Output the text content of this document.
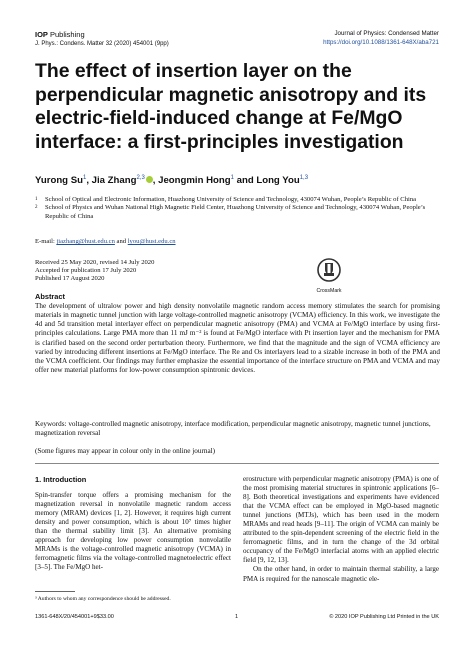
IOP Publishing
J. Phys.: Condens. Matter 32 (2020) 454001 (9pp)
Journal of Physics: Condensed Matter
https://doi.org/10.1088/1361-648X/aba721
The effect of insertion layer on the perpendicular magnetic anisotropy and its electric-field-induced change at Fe/MgO interface: a first-principles investigation
Yurong Su$^1$, Jia Zhang$^{2,3}$ , Jeongmin Hong$^1$ and Long You$^{1,3}$
1	School of Optical and Electronic Information, Huazhong University of Science and Technology, 430074 Wuhan, People’s Republic of China
2	School of Physics and Wuhan National High Magnetic Field Center, Huazhong University of Science and Technology, 430074 Wuhan, People’s Republic of China
E-mail: jiazhang@hust.edu.cn and lyou@hust.edu.cn
Received 25 May 2020, revised 14 July 2020
Accepted for publication 17 July 2020
Published 17 August 2020
CrossMark
Abstract
The development of ultralow power and high density nonvolatile magnetic random access memory stimulates the search for promising materials in magnetic tunnel junction with large voltage-controlled magnetic anisotropy (VCMA) efficiency. In this work, we investigate the 4d and 5d transition metal interlayer effect on perpendicular magnetic anisotropy (PMA) and VCMA at Fe/MgO interface by using first-principles calculations. Large PMA more than 11 mJ m⁻² is found at Fe/MgO interface with Pt insertion layer and the mechanism for PMA is clarified based on the second order perturbation theory. Furthermore, we find that the magnitude and the sign of VCMA efficiency are varied by introducing different insertions at Fe/MgO interface. The Re and Os interlayers lead to a sizable increase in both of the PMA and the VCMA coefficient. Our findings may further emphasize the essential importance of the interface structure on PMA and VCMA and may offer new material platforms for low-power consumption spintronic devices.
Keywords: voltage-controlled magnetic anisotropy, interface modification, perpendicular magnetic anisotropy, magnetic tunnel junctions, magnetization reversal
(Some figures may appear in colour only in the online journal)
1. Introduction

Spin-transfer torque offers a promising mechanism for the magnetization reversal in nonvolatile magnetic random access memory (MRAM) devices [1, 2]. However, it requires high current density and power consumption, which is about 10⁷ times higher than the thermal stability limit [3]. An alternative promising approach for developing low power consumption nonvolatile MRAMs is the voltage-controlled magnetic anisotropy (VCMA) in ferromagnetic films via the voltage-controlled magnetoelectric effect [3–5]. The Fe/MgO het-

erostructure with perpendicular magnetic anisotropy (PMA) is one of the most promising material structures in spintronic applications [6–8]. Both theoretical investigations and experiments have evidenced that the VCMA effect can be employed in MgO-based magnetic tunnel junctions (MTJs), which has been used in the modern MRAMs and read heads [9–11]. The origin of VCMA can mainly be attributed to the spin-dependent screening of the electric field in the ferromagnetic films, and in turn the change of the 3d orbital occupancy of the Fe/MgO interfacial atoms with an applied electric field [9, 12, 13].

On the other hand, in order to maintain thermal stability, a large PMA is required for the nanoscale magnetic ele-

³ Authors to whom any correspondence should be addressed.
1361-648X/20/454001+9$33.00	1	© 2020 IOP Publishing Ltd Printed in the UK
